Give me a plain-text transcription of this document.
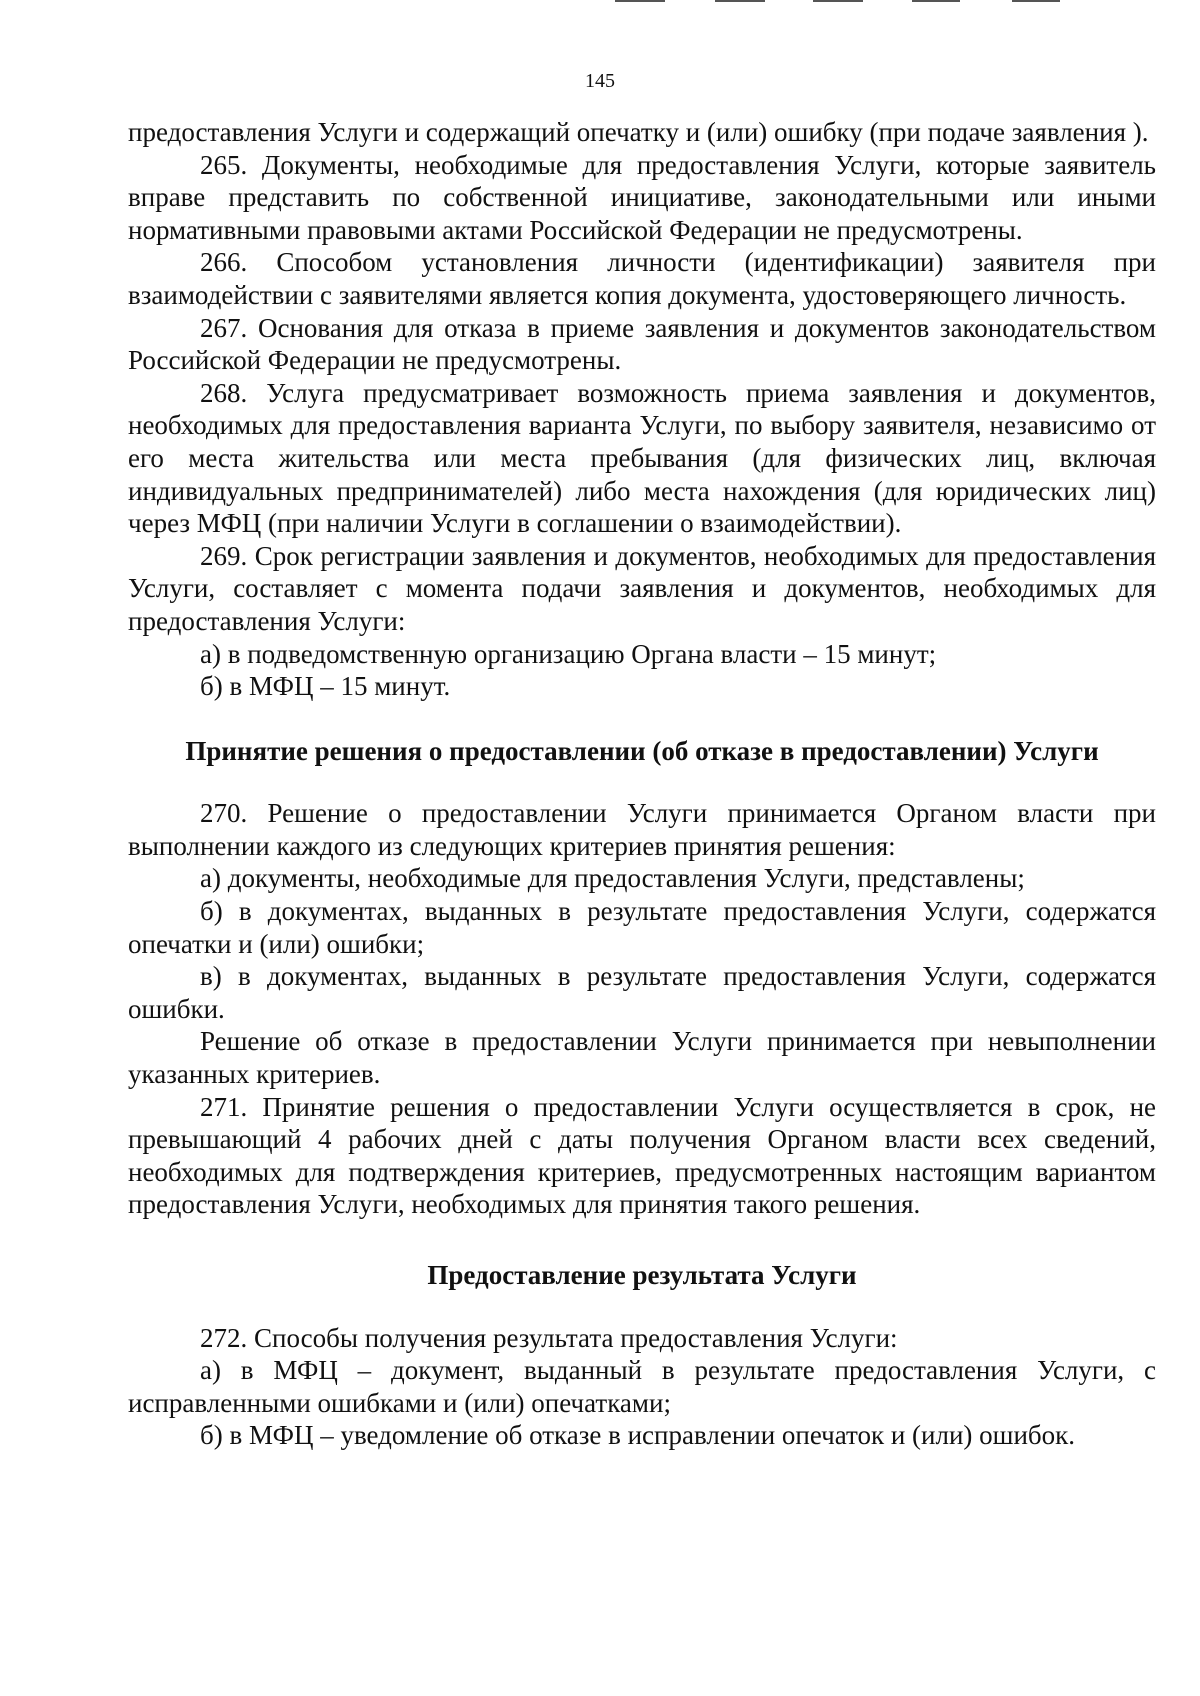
145

предоставления Услуги и содержащий опечатку и (или) ошибку (при подаче заявления ).

265. Документы, необходимые для предоставления Услуги, которые заявитель вправе представить по собственной инициативе, законодательными или иными нормативными правовыми актами Российской Федерации не предусмотрены.

266. Способом установления личности (идентификации) заявителя при взаимодействии с заявителями является копия документа, удостоверяющего личность.

267. Основания для отказа в приеме заявления и документов законодательством Российской Федерации не предусмотрены.

268. Услуга предусматривает возможность приема заявления и документов, необходимых для предоставления варианта Услуги, по выбору заявителя, независимо от его места жительства или места пребывания (для физических лиц, включая индивидуальных предпринимателей) либо места нахождения (для юридических лиц) через МФЦ (при наличии Услуги в соглашении о взаимодействии).

269. Срок регистрации заявления и документов, необходимых для предоставления Услуги, составляет с момента подачи заявления и документов, необходимых для предоставления Услуги:

а) в подведомственную организацию Органа власти – 15 минут;

б) в МФЦ – 15 минут.

Принятие решения о предоставлении (об отказе в предоставлении) Услуги

270. Решение о предоставлении Услуги принимается Органом власти при выполнении каждого из следующих критериев принятия решения:

а) документы, необходимые для предоставления Услуги, представлены;

б) в документах, выданных в результате предоставления Услуги, содержатся опечатки и (или) ошибки;

в) в документах, выданных в результате предоставления Услуги, содержатся ошибки.

Решение об отказе в предоставлении Услуги принимается при невыполнении указанных критериев.

271. Принятие решения о предоставлении Услуги осуществляется в срок, не превышающий 4 рабочих дней с даты получения Органом власти всех сведений, необходимых для подтверждения критериев, предусмотренных настоящим вариантом предоставления Услуги, необходимых для принятия такого решения.

Предоставление результата Услуги

272. Способы получения результата предоставления Услуги:

а) в МФЦ – документ, выданный в результате предоставления Услуги, с исправленными ошибками и (или) опечатками;

б) в МФЦ – уведомление об отказе в исправлении опечаток и (или) ошибок.
